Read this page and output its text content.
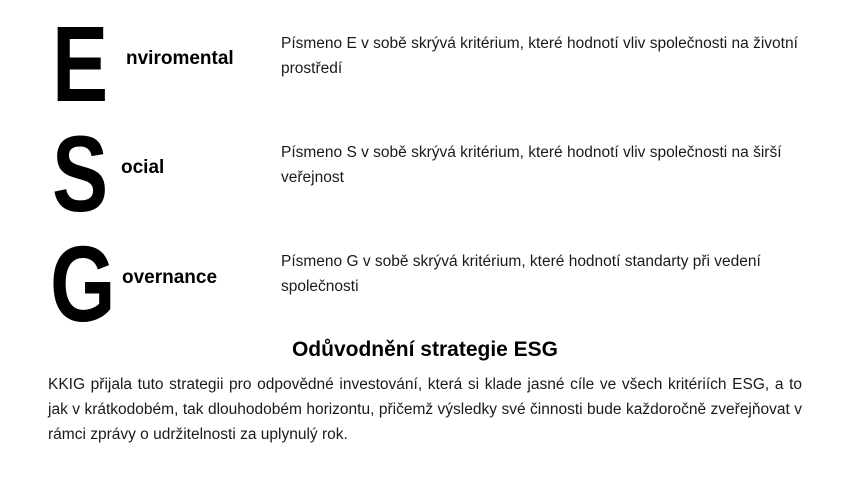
E nviromental
Písmeno E v sobě skrývá kritérium, které hodnotí vliv společnosti na životní prostředí
S ocial
Písmeno S v sobě skrývá kritérium, které hodnotí vliv společnosti na širší veřejnost
G overnance
Písmeno G v sobě skrývá kritérium, které hodnotí standarty při vedení společnosti
Odůvodnění strategie ESG
KKIG přijala tuto strategii pro odpovědné investování, která si klade jasné cíle ve všech kritériích ESG, a to jak v krátkodobém, tak dlouhodobém horizontu, přičemž výsledky své činnosti bude každoročně zveřejňovat v rámci zprávy o udržitelnosti za uplynulý rok.
